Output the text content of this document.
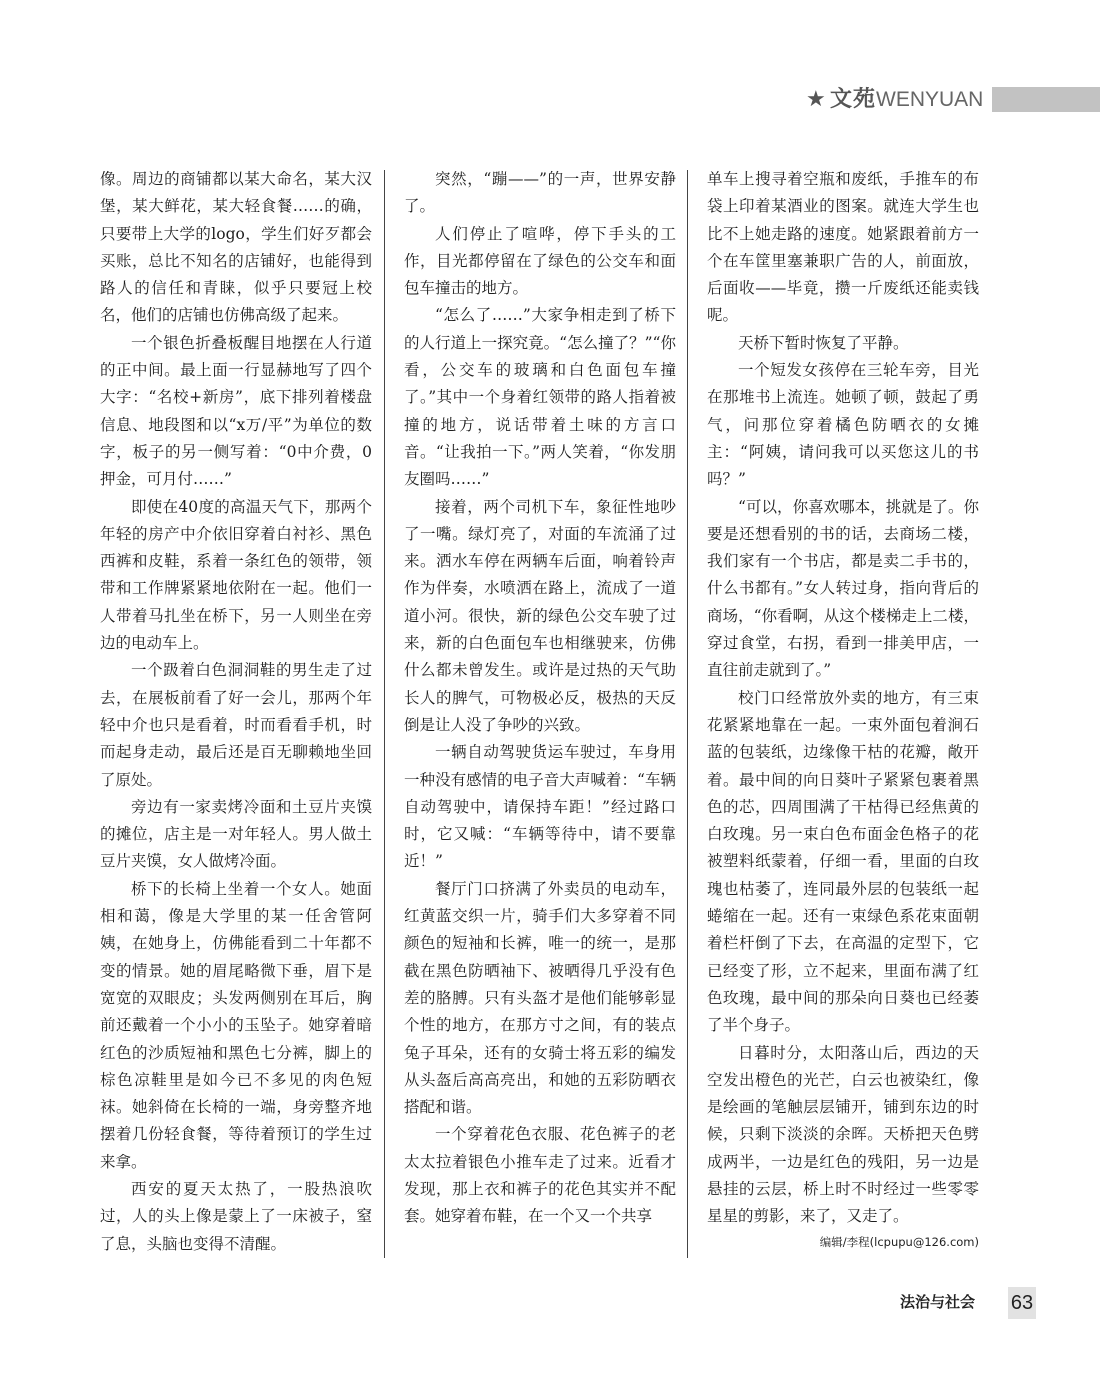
★ 文苑 WENYUAN

像。周边的商铺都以某大命名，某大汉堡，某大鲜花，某大轻食餐……的确，只要带上大学的logo，学生们好歹都会买账，总比不知名的店铺好，也能得到路人的信任和青睐，似乎只要冠上校名，他们的店铺也仿佛高级了起来。

一个银色折叠板醒目地摆在人行道的正中间。最上面一行显赫地写了四个大字：“名校+新房”，底下排列着楼盘信息、地段图和以“x万/平”为单位的数字，板子的另一侧写着：“0中介费，0押金，可月付……”

即使在40度的高温天气下，那两个年轻的房产中介依旧穿着白衬衫、黑色西裤和皮鞋，系着一条红色的领带，领带和工作牌紧紧地依附在一起。他们一人带着马扎坐在桥下，另一人则坐在旁边的电动车上。

一个趿着白色洞洞鞋的男生走了过去，在展板前看了好一会儿，那两个年轻中介也只是看着，时而看看手机，时而起身走动，最后还是百无聊赖地坐回了原处。

旁边有一家卖烤冷面和土豆片夹馍的摊位，店主是一对年轻人。男人做土豆片夹馍，女人做烤冷面。

桥下的长椅上坐着一个女人。她面相和蔼，像是大学里的某一任舍管阿姨，在她身上，仿佛能看到二十年都不变的情景。她的眉尾略微下垂，眉下是宽宽的双眼皮；头发两侧别在耳后，胸前还戴着一个小小的玉坠子。她穿着暗红色的沙质短袖和黑色七分裤，脚上的棕色凉鞋里是如今已不多见的肉色短袜。她斜倚在长椅的一端，身旁整齐地摆着几份轻食餐，等待着预订的学生过来拿。

西安的夏天太热了，一股热浪吹过，人的头上像是蒙上了一床被子，窒了息，头脑也变得不清醒。

突然，“蹦——”的一声，世界安静了。

人们停止了喧哗，停下手头的工作，目光都停留在了绿色的公交车和面包车撞击的地方。

“怎么了……”大家争相走到了桥下的人行道上一探究竟。“怎么撞了？”“你看，公交车的玻璃和白色面包车撞了。”其中一个身着红领带的路人指着被撞的地方，说话带着土味的方言口音。“让我拍一下。”两人笑着，“你发朋友圈吗……”

接着，两个司机下车，象征性地吵了一嘴。绿灯亮了，对面的车流涌了过来。洒水车停在两辆车后面，响着铃声作为伴奏，水喷洒在路上，流成了一道道小河。很快，新的绿色公交车驶了过来，新的白色面包车也相继驶来，仿佛什么都未曾发生。或许是过热的天气助长人的脾气，可物极必反，极热的天反倒是让人没了争吵的兴致。

一辆自动驾驶货运车驶过，车身用一种没有感情的电子音大声喊着：“车辆自动驾驶中，请保持车距！”经过路口时，它又喊：“车辆等待中，请不要靠近！”

餐厅门口挤满了外卖员的电动车，红黄蓝交织一片，骑手们大多穿着不同颜色的短袖和长裤，唯一的统一，是那截在黑色防晒袖下、被晒得几乎没有色差的胳膊。只有头盔才是他们能够彰显个性的地方，在那方寸之间，有的装点兔子耳朵，还有的女骑士将五彩的编发从头盔后高高亮出，和她的五彩防晒衣搭配和谐。

一个穿着花色衣服、花色裤子的老太太拉着银色小推车走了过来。近看才发现，那上衣和裤子的花色其实并不配套。她穿着布鞋，在一个又一个共享

单车上搜寻着空瓶和废纸，手推车的布袋上印着某酒业的图案。就连大学生也比不上她走路的速度。她紧跟着前方一个在车筐里塞兼职广告的人，前面放，后面收——毕竟，攒一斤废纸还能卖钱呢。

天桥下暂时恢复了平静。

一个短发女孩停在三轮车旁，目光在那堆书上流连。她顿了顿，鼓起了勇气，问那位穿着橘色防晒衣的女摊主：“阿姨，请问我可以买您这儿的书吗？”

“可以，你喜欢哪本，挑就是了。你要是还想看别的书的话，去商场二楼，我们家有一个书店，都是卖二手书的，什么书都有。”女人转过身，指向背后的商场，“你看啊，从这个楼梯走上二楼，穿过食堂，右拐，看到一排美甲店，一直往前走就到了。”

校门口经常放外卖的地方，有三束花紧紧地靠在一起。一束外面包着涧石蓝的包装纸，边缘像干枯的花瓣，敞开着。最中间的向日葵叶子紧紧包裹着黑色的芯，四周围满了干枯得已经焦黄的白玫瑰。另一束白色布面金色格子的花被塑料纸蒙着，仔细一看，里面的白玫瑰也枯萎了，连同最外层的包装纸一起蜷缩在一起。还有一束绿色系花束面朝着栏杆倒了下去，在高温的定型下，它已经变了形，立不起来，里面布满了红色玫瑰，最中间的那朵向日葵也已经萎了半个身子。

日暮时分，太阳落山后，西边的天空发出橙色的光芒，白云也被染红，像是绘画的笔触层层铺开，铺到东边的时候，只剩下淡淡的余晖。天桥把天色劈成两半，一边是红色的残阳，另一边是悬挂的云层，桥上时不时经过一些零零星星的剪影，来了，又走了。

编辑/李程(lcpupu@126.com)

法治与社会 63
